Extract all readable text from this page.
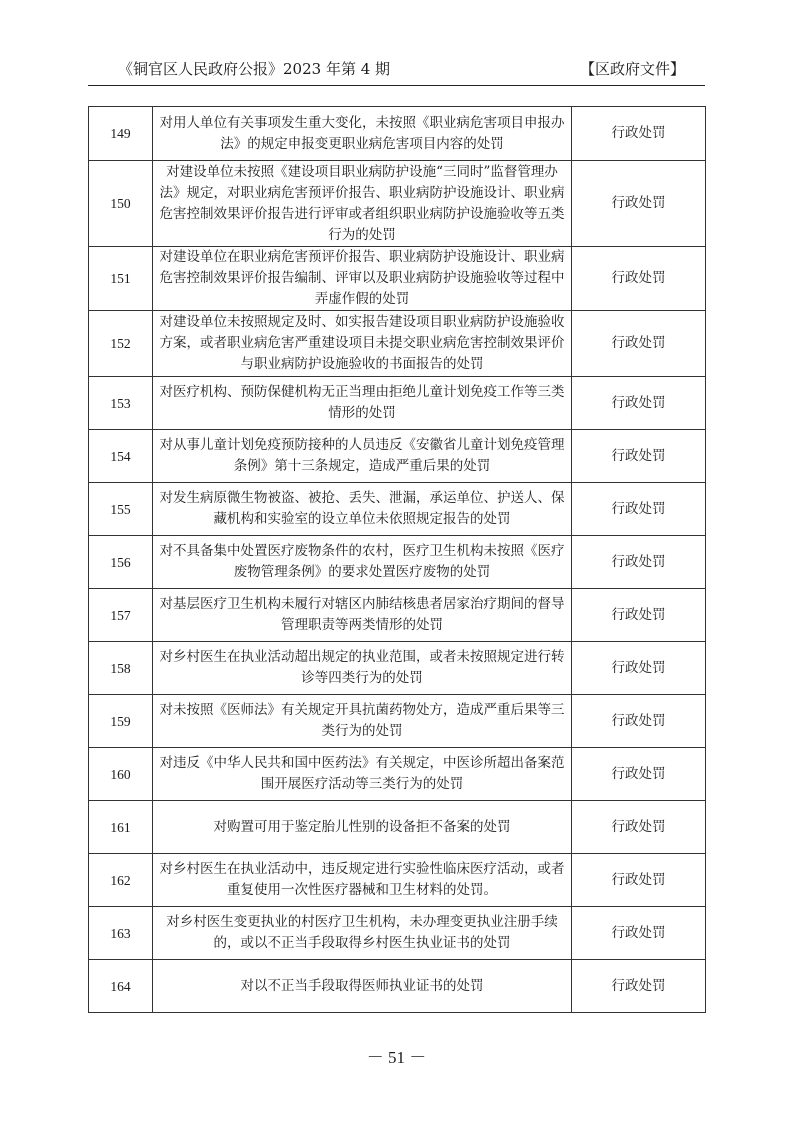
《铜官区人民政府公报》2023 年第 4 期	【区政府文件】
149	对用人单位有关事项发生重大变化，未按照《职业病危害项目申报办法》的规定申报变更职业病危害项目内容的处罚	行政处罚
150	对建设单位未按照《建设项目职业病防护设施“三同时”监督管理办法》规定，对职业病危害预评价报告、职业病防护设施设计、职业病危害控制效果评价报告进行评审或者组织职业病防护设施验收等五类行为的处罚	行政处罚
151	对建设单位在职业病危害预评价报告、职业病防护设施设计、职业病危害控制效果评价报告编制、评审以及职业病防护设施验收等过程中弄虚作假的处罚	行政处罚
152	对建设单位未按照规定及时、如实报告建设项目职业病防护设施验收方案，或者职业病危害严重建设项目未提交职业病危害控制效果评价与职业病防护设施验收的书面报告的处罚	行政处罚
153	对医疗机构、预防保健机构无正当理由拒绝儿童计划免疫工作等三类情形的处罚	行政处罚
154	对从事儿童计划免疫预防接种的人员违反《安徽省儿童计划免疫管理条例》第十三条规定，造成严重后果的处罚	行政处罚
155	对发生病原微生物被盗、被抢、丢失、泄漏，承运单位、护送人、保藏机构和实验室的设立单位未依照规定报告的处罚	行政处罚
156	对不具备集中处置医疗废物条件的农村，医疗卫生机构未按照《医疗废物管理条例》的要求处置医疗废物的处罚	行政处罚
157	对基层医疗卫生机构未履行对辖区内肺结核患者居家治疗期间的督导管理职责等两类情形的处罚	行政处罚
158	对乡村医生在执业活动超出规定的执业范围，或者未按照规定进行转诊等四类行为的处罚	行政处罚
159	对未按照《医师法》有关规定开具抗菌药物处方，造成严重后果等三类行为的处罚	行政处罚
160	对违反《中华人民共和国中医药法》有关规定，中医诊所超出备案范围开展医疗活动等三类行为的处罚	行政处罚
161	对购置可用于鉴定胎儿性别的设备拒不备案的处罚	行政处罚
162	对乡村医生在执业活动中，违反规定进行实验性临床医疗活动，或者重复使用一次性医疗器械和卫生材料的处罚。	行政处罚
163	对乡村医生变更执业的村医疗卫生机构，未办理变更执业注册手续的，或以不正当手段取得乡村医生执业证书的处罚	行政处罚
164	对以不正当手段取得医师执业证书的处罚	行政处罚
－ 51 －
